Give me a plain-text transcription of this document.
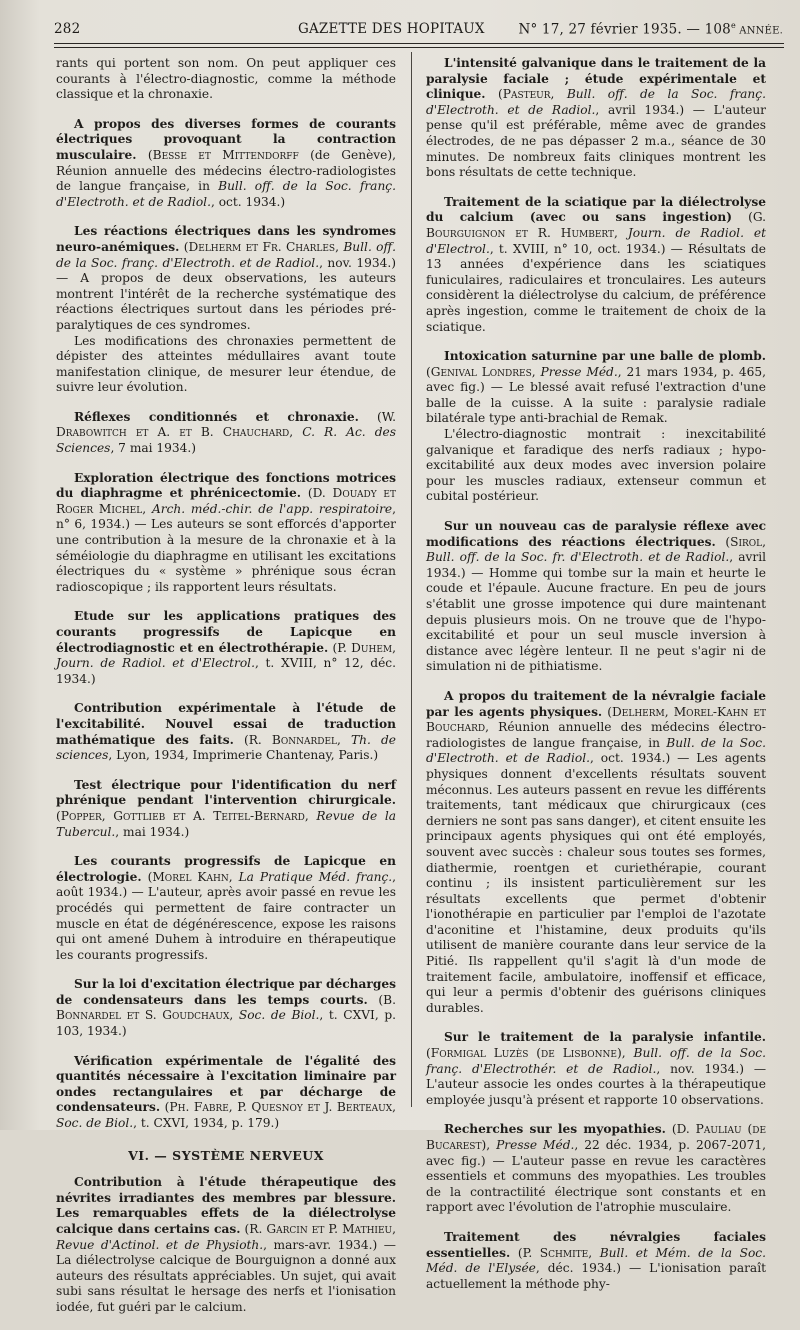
282	GAZETTE DES HOPITAUX	N° 17, 27 février 1935. — 108e ANNÉE.
rants qui portent son nom. On peut appliquer ces courants à l'électro-diagnostic, comme la méthode classique et la chronaxie.
A propos des diverses formes de courants électriques provoquant la contraction musculaire. (Besse et Mittendorff (de Genève), Réunion annuelle des médecins électro-radiologistes de langue française, in Bull. off. de la Soc. franç. d'Electroth. et de Radiol., oct. 1934.)
Les réactions électriques dans les syndromes neuro-anémiques. (Delherm et Fr. Charles, Bull. off. de la Soc. franç. d'Electroth. et de Radiol., nov. 1934.) — A propos de deux observations, les auteurs montrent l'intérêt de la recherche systématique des réactions électriques surtout dans les périodes pré-paralytiques de ces syndromes.

Les modifications des chronaxies permettent de dépister des atteintes médullaires avant toute manifestation clinique, de mesurer leur étendue, de suivre leur évolution.

Réflexes conditionnés et chronaxie. (W. Drabowitch et A. et B. Chauchard, C. R. Ac. des Sciences, 7 mai 1934.)
Exploration électrique des fonctions motrices du diaphragme et phrénicectomie. (D. Douady et Roger Michel, Arch. méd.-chir. de l'app. respiratoire, n° 6, 1934.) — Les auteurs se sont efforcés d'apporter une contribution à la mesure de la chronaxie et à la séméiologie du diaphragme en utilisant les excitations électriques du « système » phrénique sous écran radioscopique ; ils rapportent leurs résultats.
Etude sur les applications pratiques des courants progressifs de Lapicque en électrodiagnostic et en électrothérapie. (P. Duhem, Journ. de Radiol. et d'Electrol., t. XVIII, n° 12, déc. 1934.)
Contribution expérimentale à l'étude de l'excitabilité. Nouvel essai de traduction mathématique des faits. (R. Bonnardel, Th. de sciences, Lyon, 1934, Imprimerie Chantenay, Paris.)
Test électrique pour l'identification du nerf phrénique pendant l'intervention chirurgicale. (Popper, Gottlieb et A. Teitel-Bernard, Revue de la Tubercul., mai 1934.)
Les courants progressifs de Lapicque en électrologie. (Morel Kahn, La Pratique Méd. franç., août 1934.) — L'auteur, après avoir passé en revue les procédés qui permettent de faire contracter un muscle en état de dégénérescence, expose les raisons qui ont amené Duhem à introduire en thérapeutique les courants progressifs.
Sur la loi d'excitation électrique par décharges de condensateurs dans les temps courts. (B. Bonnardel et S. Goudchaux, Soc. de Biol., t. CXVI, p. 103, 1934.)
Vérification expérimentale de l'égalité des quantités nécessaire à l'excitation liminaire par ondes rectangulaires et par décharge de condensateurs. (Ph. Fabre, P. Quesnoy et J. Berteaux, Soc. de Biol., t. CXVI, 1934, p. 179.)
VI. — SYSTÈME NERVEUX
Contribution à l'étude thérapeutique des névrites irradiantes des membres par blessure. Les remarquables effets de la diélectrolyse calcique dans certains cas. (R. Garcin et P. Mathieu, Revue d'Actinol. et de Physioth., mars-avr. 1934.) — La diélectrolyse calcique de Bourguignon a donné aux auteurs des résultats appréciables. Un sujet, qui avait subi sans résultat le hersage des nerfs et l'ionisation iodée, fut guéri par le calcium.
L'intensité galvanique dans le traitement de la paralysie faciale ; étude expérimentale et clinique. (Pasteur, Bull. off. de la Soc. franç. d'Electroth. et de Radiol., avril 1934.) — L'auteur pense qu'il est préférable, même avec de grandes électrodes, de ne pas dépasser 2 m.a., séance de 30 minutes. De nombreux faits cliniques montrent les bons résultats de cette technique.
Traitement de la sciatique par la diélectrolyse du calcium (avec ou sans ingestion) (G. Bourguignon et R. Humbert, Journ. de Radiol. et d'Electrol., t. XVIII, n° 10, oct. 1934.) — Résultats de 13 années d'expérience dans les sciatiques funiculaires, radiculaires et tronculaires. Les auteurs considèrent la diélectrolyse du calcium, de préférence après ingestion, comme le traitement de choix de la sciatique.
Intoxication saturnine par une balle de plomb. (Genival Londres, Presse Méd., 21 mars 1934, p. 465, avec fig.) — Le blessé avait refusé l'extraction d'une balle de la cuisse. A la suite : paralysie radiale bilatérale type anti-brachial de Remak.

L'électro-diagnostic montrait : inexcitabilité galvanique et faradique des nerfs radiaux ; hypo-excitabilité aux deux modes avec inversion polaire pour les muscles radiaux, extenseur commun et cubital postérieur.

Sur un nouveau cas de paralysie réflexe avec modifications des réactions électriques. (Sirol, Bull. off. de la Soc. fr. d'Electroth. et de Radiol., avril 1934.) — Homme qui tombe sur la main et heurte le coude et l'épaule. Aucune fracture. En peu de jours s'établit une grosse impotence qui dure maintenant depuis plusieurs mois. On ne trouve que de l'hypo-excitabilité et pour un seul muscle inversion à distance avec légère lenteur. Il ne peut s'agir ni de simulation ni de pithiatisme.
A propos du traitement de la névralgie faciale par les agents physiques. (Delherm, Morel-Kahn et Bouchard, Réunion annuelle des médecins électro-radiologistes de langue française, in Bull. de la Soc. d'Electroth. et de Radiol., oct. 1934.) — Les agents physiques donnent d'excellents résultats souvent méconnus. Les auteurs passent en revue les différents traitements, tant médicaux que chirurgicaux (ces derniers ne sont pas sans danger), et citent ensuite les principaux agents physiques qui ont été employés, souvent avec succès : chaleur sous toutes ses formes, diathermie, roentgen et curiethérapie, courant continu ; ils insistent particulièrement sur les résultats excellents que permet d'obtenir l'ionothérapie en particulier par l'emploi de l'azotate d'aconitine et l'histamine, deux produits qu'ils utilisent de manière courante dans leur service de la Pitié. Ils rappellent qu'il s'agit là d'un mode de traitement facile, ambulatoire, inoffensif et efficace, qui leur a permis d'obtenir des guérisons cliniques durables.
Sur le traitement de la paralysie infantile. (Formigal Luzès (de Lisbonne), Bull. off. de la Soc. franç. d'Electrothér. et de Radiol., nov. 1934.) — L'auteur associe les ondes courtes à la thérapeutique employée jusqu'à présent et rapporte 10 observations.
Recherches sur les myopathies. (D. Pauliau (de Bucarest), Presse Méd., 22 déc. 1934, p. 2067-2071, avec fig.) — L'auteur passe en revue les caractères essentiels et communs des myopathies. Les troubles de la contractilité électrique sont constants et en rapport avec l'évolution de l'atrophie musculaire.
Traitement des névralgies faciales essentielles. (P. Schmite, Bull. et Mém. de la Soc. Méd. de l'Elysée, déc. 1934.) — L'ionisation paraît actuellement la méthode phy-
